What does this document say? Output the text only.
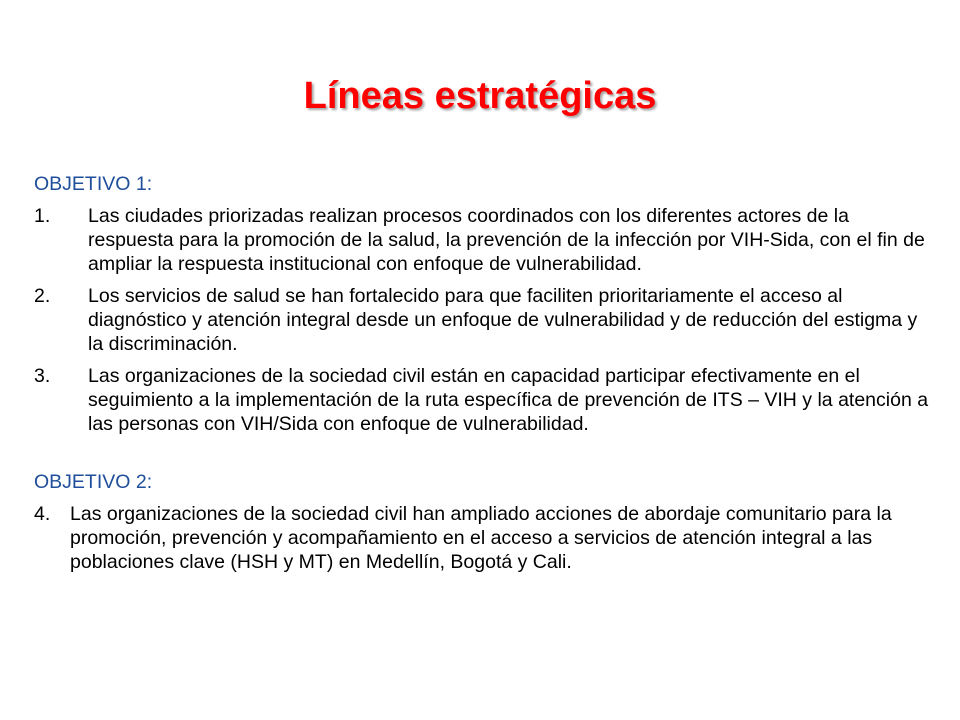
Líneas estratégicas
OBJETIVO 1:
1.	Las ciudades priorizadas realizan procesos coordinados con los diferentes actores de la respuesta para la promoción de la salud, la prevención de la infección por VIH-Sida, con el fin de ampliar la respuesta institucional con enfoque de vulnerabilidad.
2.	Los servicios de salud se han fortalecido para que faciliten prioritariamente el acceso al diagnóstico y atención integral desde un enfoque de vulnerabilidad y de reducción del estigma y la discriminación.
3.	Las organizaciones de la sociedad civil están en capacidad participar efectivamente en el seguimiento a la implementación de la ruta específica de prevención de ITS – VIH y la atención a las personas con VIH/Sida con enfoque de vulnerabilidad.
OBJETIVO 2:
4. Las organizaciones de la sociedad civil han ampliado acciones de abordaje comunitario para la promoción, prevención y acompañamiento en el acceso a servicios de atención integral a las poblaciones clave (HSH y MT) en Medellín, Bogotá y Cali.
